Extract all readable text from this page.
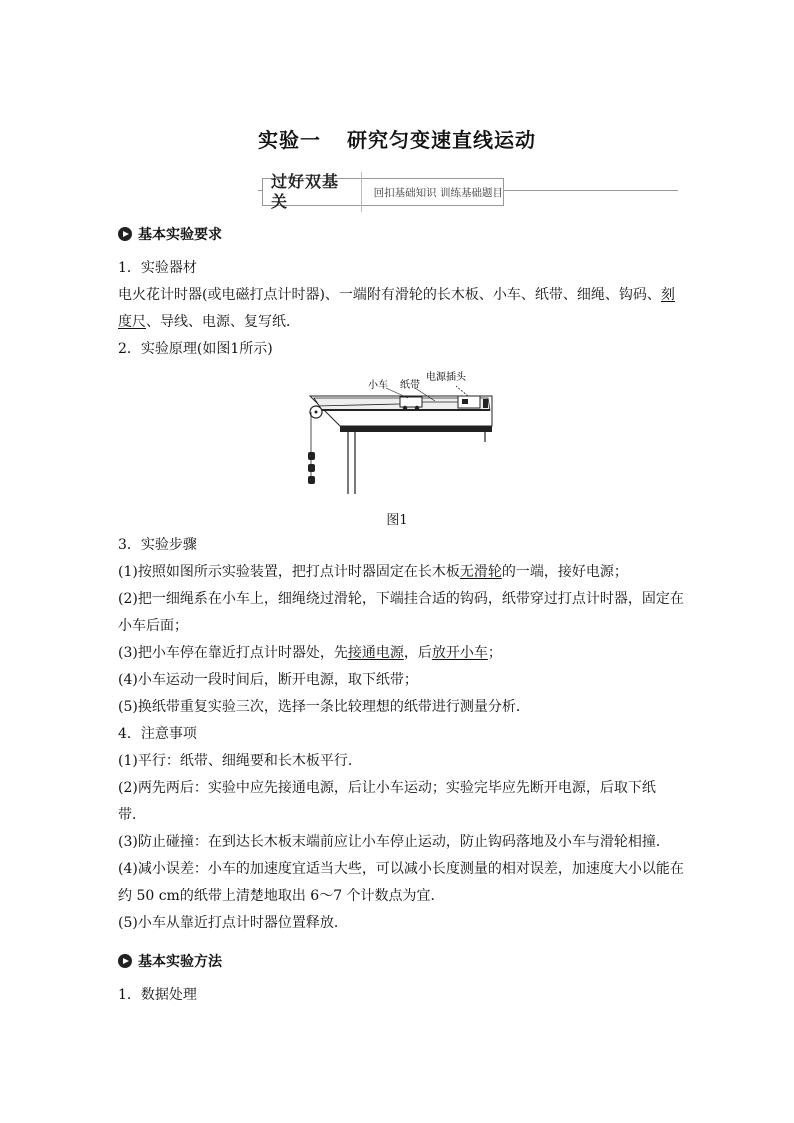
实验一 研究匀变速直线运动
过好双基关	回扣基础知识 训练基础题目
基本实验要求
1．实验器材
电火花计时器(或电磁打点计时器)、一端附有滑轮的长木板、小车、纸带、细绳、钩码、刻
度尺、导线、电源、复写纸．
2．实验原理(如图1所示)
小车 纸带
电源插头
图1
3．实验步骤
(1)按照如图所示实验装置，把打点计时器固定在长木板无滑轮的一端，接好电源；
(2)把一细绳系在小车上，细绳绕过滑轮，下端挂合适的钩码，纸带穿过打点计时器，固定在
小车后面；
(3)把小车停在靠近打点计时器处，先接通电源，后放开小车；
(4)小车运动一段时间后，断开电源，取下纸带；
(5)换纸带重复实验三次，选择一条比较理想的纸带进行测量分析．
4．注意事项
(1)平行：纸带、细绳要和长木板平行．
(2)两先两后：实验中应先接通电源，后让小车运动；实验完毕应先断开电源，后取下纸
带．
(3)防止碰撞：在到达长木板末端前应让小车停止运动，防止钩码落地及小车与滑轮相撞．
(4)减小误差：小车的加速度宜适当大些，可以减小长度测量的相对误差，加速度大小以能在
约 50 cm的纸带上清楚地取出 6～7 个计数点为宜．
(5)小车从靠近打点计时器位置释放．
基本实验方法
1．数据处理
